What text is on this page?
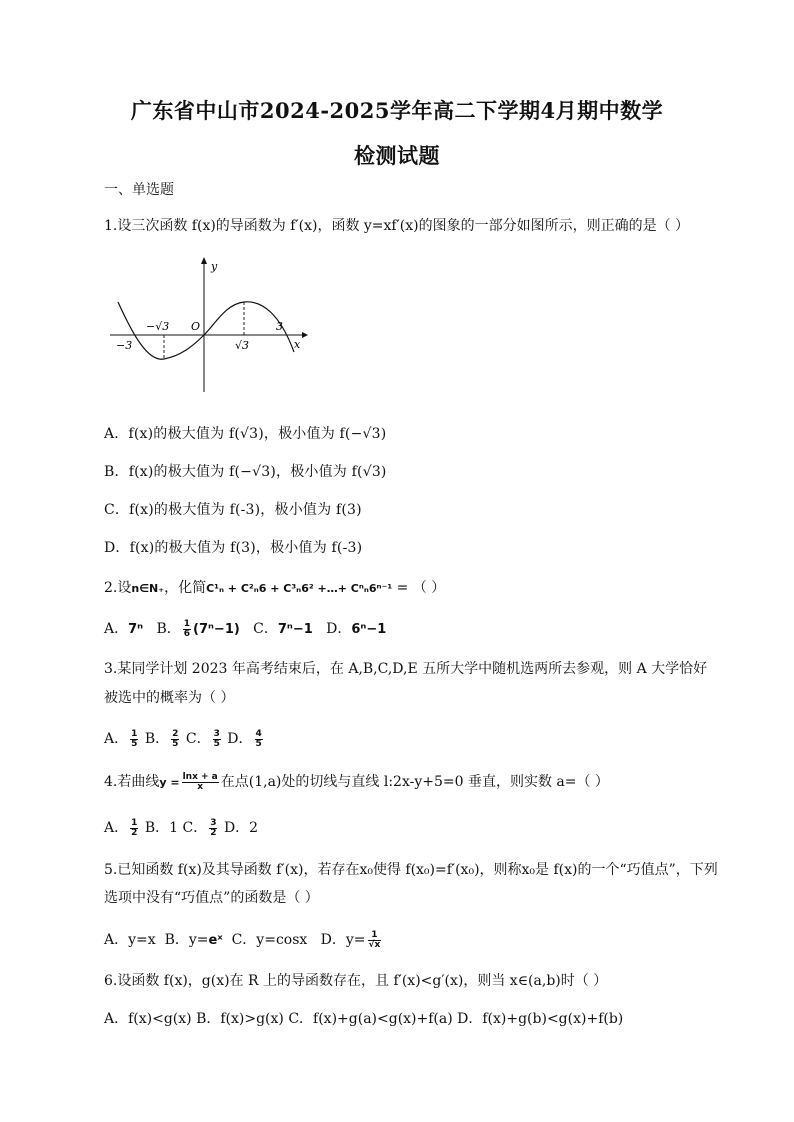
广东省中山市2024-2025学年高二下学期4月期中数学
检测试题
一、单选题
1.设三次函数 f(x)的导函数为 f′(x)，函数 y=xf′(x)的图象的一部分如图所示，则正确的是（ ）
y
x
O
−√3
√3
−3
3
A．f(x)的极大值为 f(√3)，极小值为 f(−√3)
B．f(x)的极大值为 f(−√3)，极小值为 f(√3)
C．f(x)的极大值为 f(-3)，极小值为 f(3)
D．f(x)的极大值为 f(3)，极小值为 f(-3)
2.设n∈N₊，化简C¹ₙ + C²ₙ6 + C³ₙ6² +…+ Cⁿₙ6ⁿ⁻¹ = （ ）
A．7ⁿ B． $\frac{1}{6} (7^n-1)$ C．7ⁿ−1 D．6ⁿ−1
3.某同学计划 2023 年高考结束后，在 A,B,C,D,E 五所大学中随机选两所去参观，则 A 大学恰好
被选中的概率为（ ）
A． $\frac{1}{5}$ B． $\frac{2}{5}$ C． $\frac{3}{5}$ D． $\frac{4}{5}$
4.若曲线$y = \frac{\ln x + a}{x}$ 在点(1,a)处的切线与直线 l:2x-y+5=0 垂直，则实数 a=（ ）
A． $\frac{1}{2}$ B．1 C． $\frac{3}{2}$ D．2
5.已知函数 f(x)及其导函数 f′(x)，若存在x₀使得 f(x₀)=f′(x₀)，则称x₀是 f(x)的一个“巧值点”，下列
选项中没有“巧值点”的函数是（ ）
A．y=x B．y=eˣ C．y=cosx D．$y= \frac{1}{√x}$
6.设函数 f(x)，g(x)在 R 上的导函数存在，且 f′(x)<g′(x)，则当 x∈(a,b)时（ ）
A．f(x)<g(x) B．f(x)>g(x) C．f(x)+g(a)<g(x)+f(a) D．f(x)+g(b)<g(x)+f(b)
